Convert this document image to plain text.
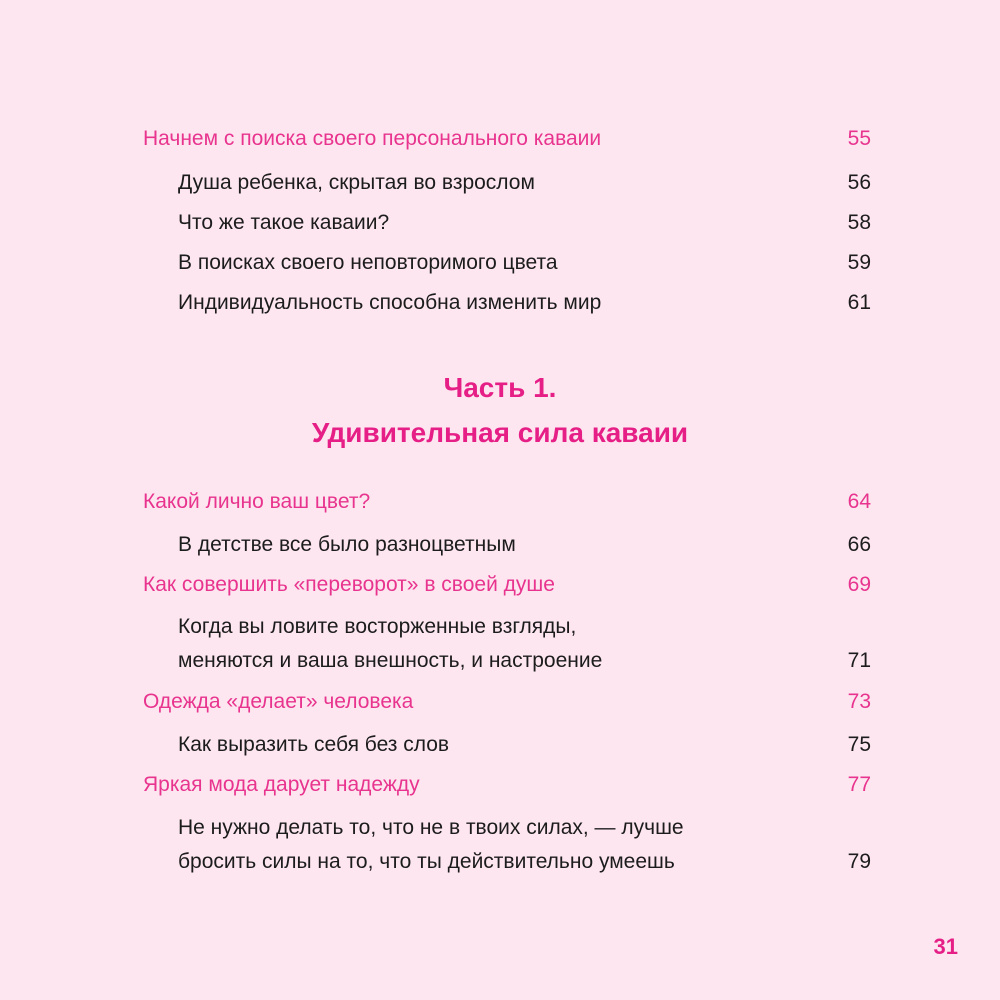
Начнем с поиска своего персонального каваии	55
Душа ребенка, скрытая во взрослом	56
Что же такое каваии?	58
В поисках своего неповторимого цвета	59
Индивидуальность способна изменить мир	61
Часть 1.
Удивительная сила каваии
Какой лично ваш цвет?	64
В детстве все было разноцветным	66
Как совершить «переворот» в своей душе	69
Когда вы ловите восторженные взгляды,
меняются и ваша внешность, и настроение	71
Одежда «делает» человека	73
Как выразить себя без слов	75
Яркая мода дарует надежду	77
Не нужно делать то, что не в твоих силах, — лучше
бросить силы на то, что ты действительно умеешь	79
31
